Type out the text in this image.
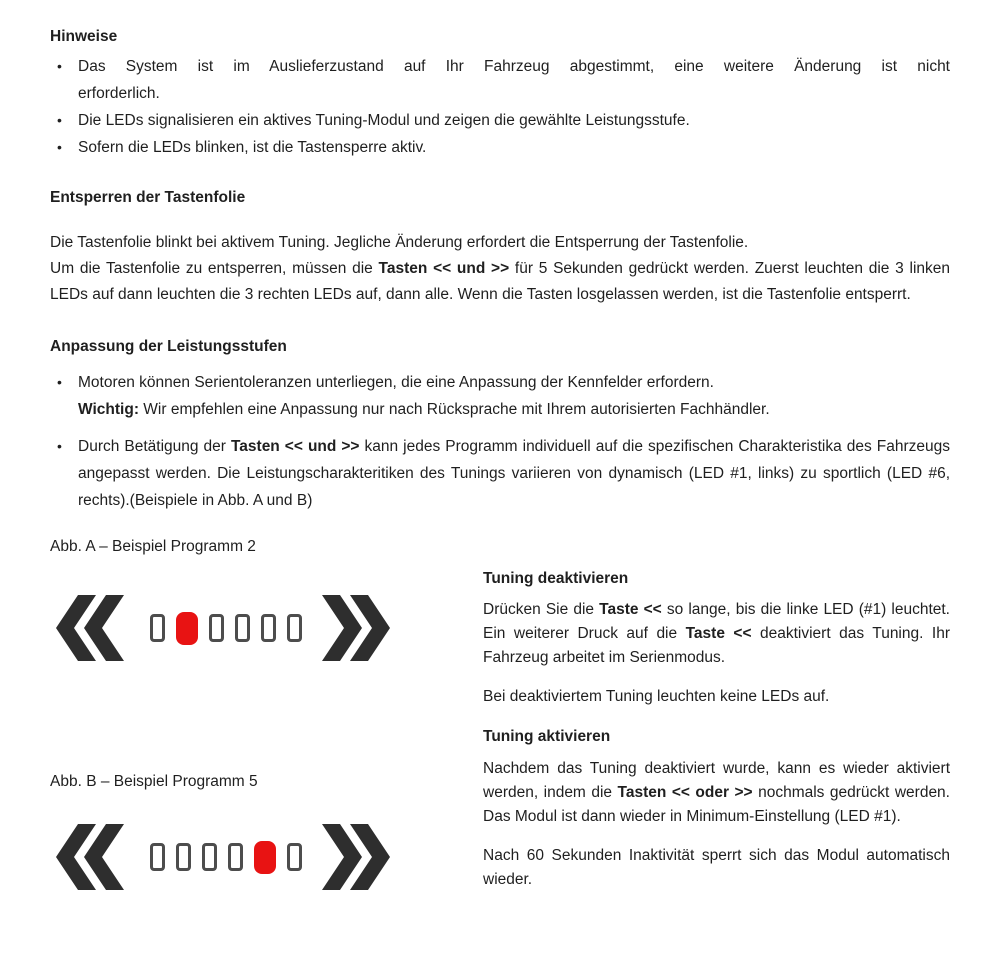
Hinweise
•	Das System ist im Auslieferzustand auf Ihr Fahrzeug abgestimmt, eine weitere Änderung ist nicht
erforderlich.
•	Die LEDs signalisieren ein aktives Tuning-Modul und zeigen die gewählte Leistungsstufe.
•	Sofern die LEDs blinken, ist die Tastensperre aktiv.
Entsperren der Tastenfolie

Die Tastenfolie blinkt bei aktivem Tuning. Jegliche Änderung erfordert die Entsperrung der Tastenfolie.
Um die Tastenfolie zu entsperren, müssen die Tasten << und >> für 5 Sekunden gedrückt werden. Zuerst leuchten die 3 linken LEDs auf dann leuchten die 3 rechten LEDs auf, dann alle. Wenn die Tasten losgelassen werden, ist die Tastenfolie entsperrt.

Anpassung der Leistungsstufen
•	Motoren können Serientoleranzen unterliegen, die eine Anpassung der Kennfelder erfordern.
Wichtig: Wir empfehlen eine Anpassung nur nach Rücksprache mit Ihrem autorisierten Fachhändler.
•	Durch Betätigung der Tasten << und >> kann jedes Programm individuell auf die spezifischen Charakteristika des Fahrzeugs angepasst werden. Die Leistungscharakteritiken des Tunings variieren von dynamisch (LED #1, links) zu sportlich (LED #6, rechts).(Beispiele in Abb. A und B)
Abb. A – Beispiel Programm 2
Abb. B – Beispiel Programm 5
Tuning deaktivieren

Drücken Sie die Taste << so lange, bis die linke LED (#1) leuchtet. Ein weiterer Druck auf die Taste << deaktiviert das Tuning. Ihr Fahrzeug arbeitet im Serienmodus.

Bei deaktiviertem Tuning leuchten keine LEDs auf.

Tuning aktivieren

Nachdem das Tuning deaktiviert wurde, kann es wieder aktiviert werden, indem die Tasten << oder >> nochmals gedrückt werden. Das Modul ist dann wieder in Minimum-Einstellung (LED #1).

Nach 60 Sekunden Inaktivität sperrt sich das Modul automatisch wieder.
